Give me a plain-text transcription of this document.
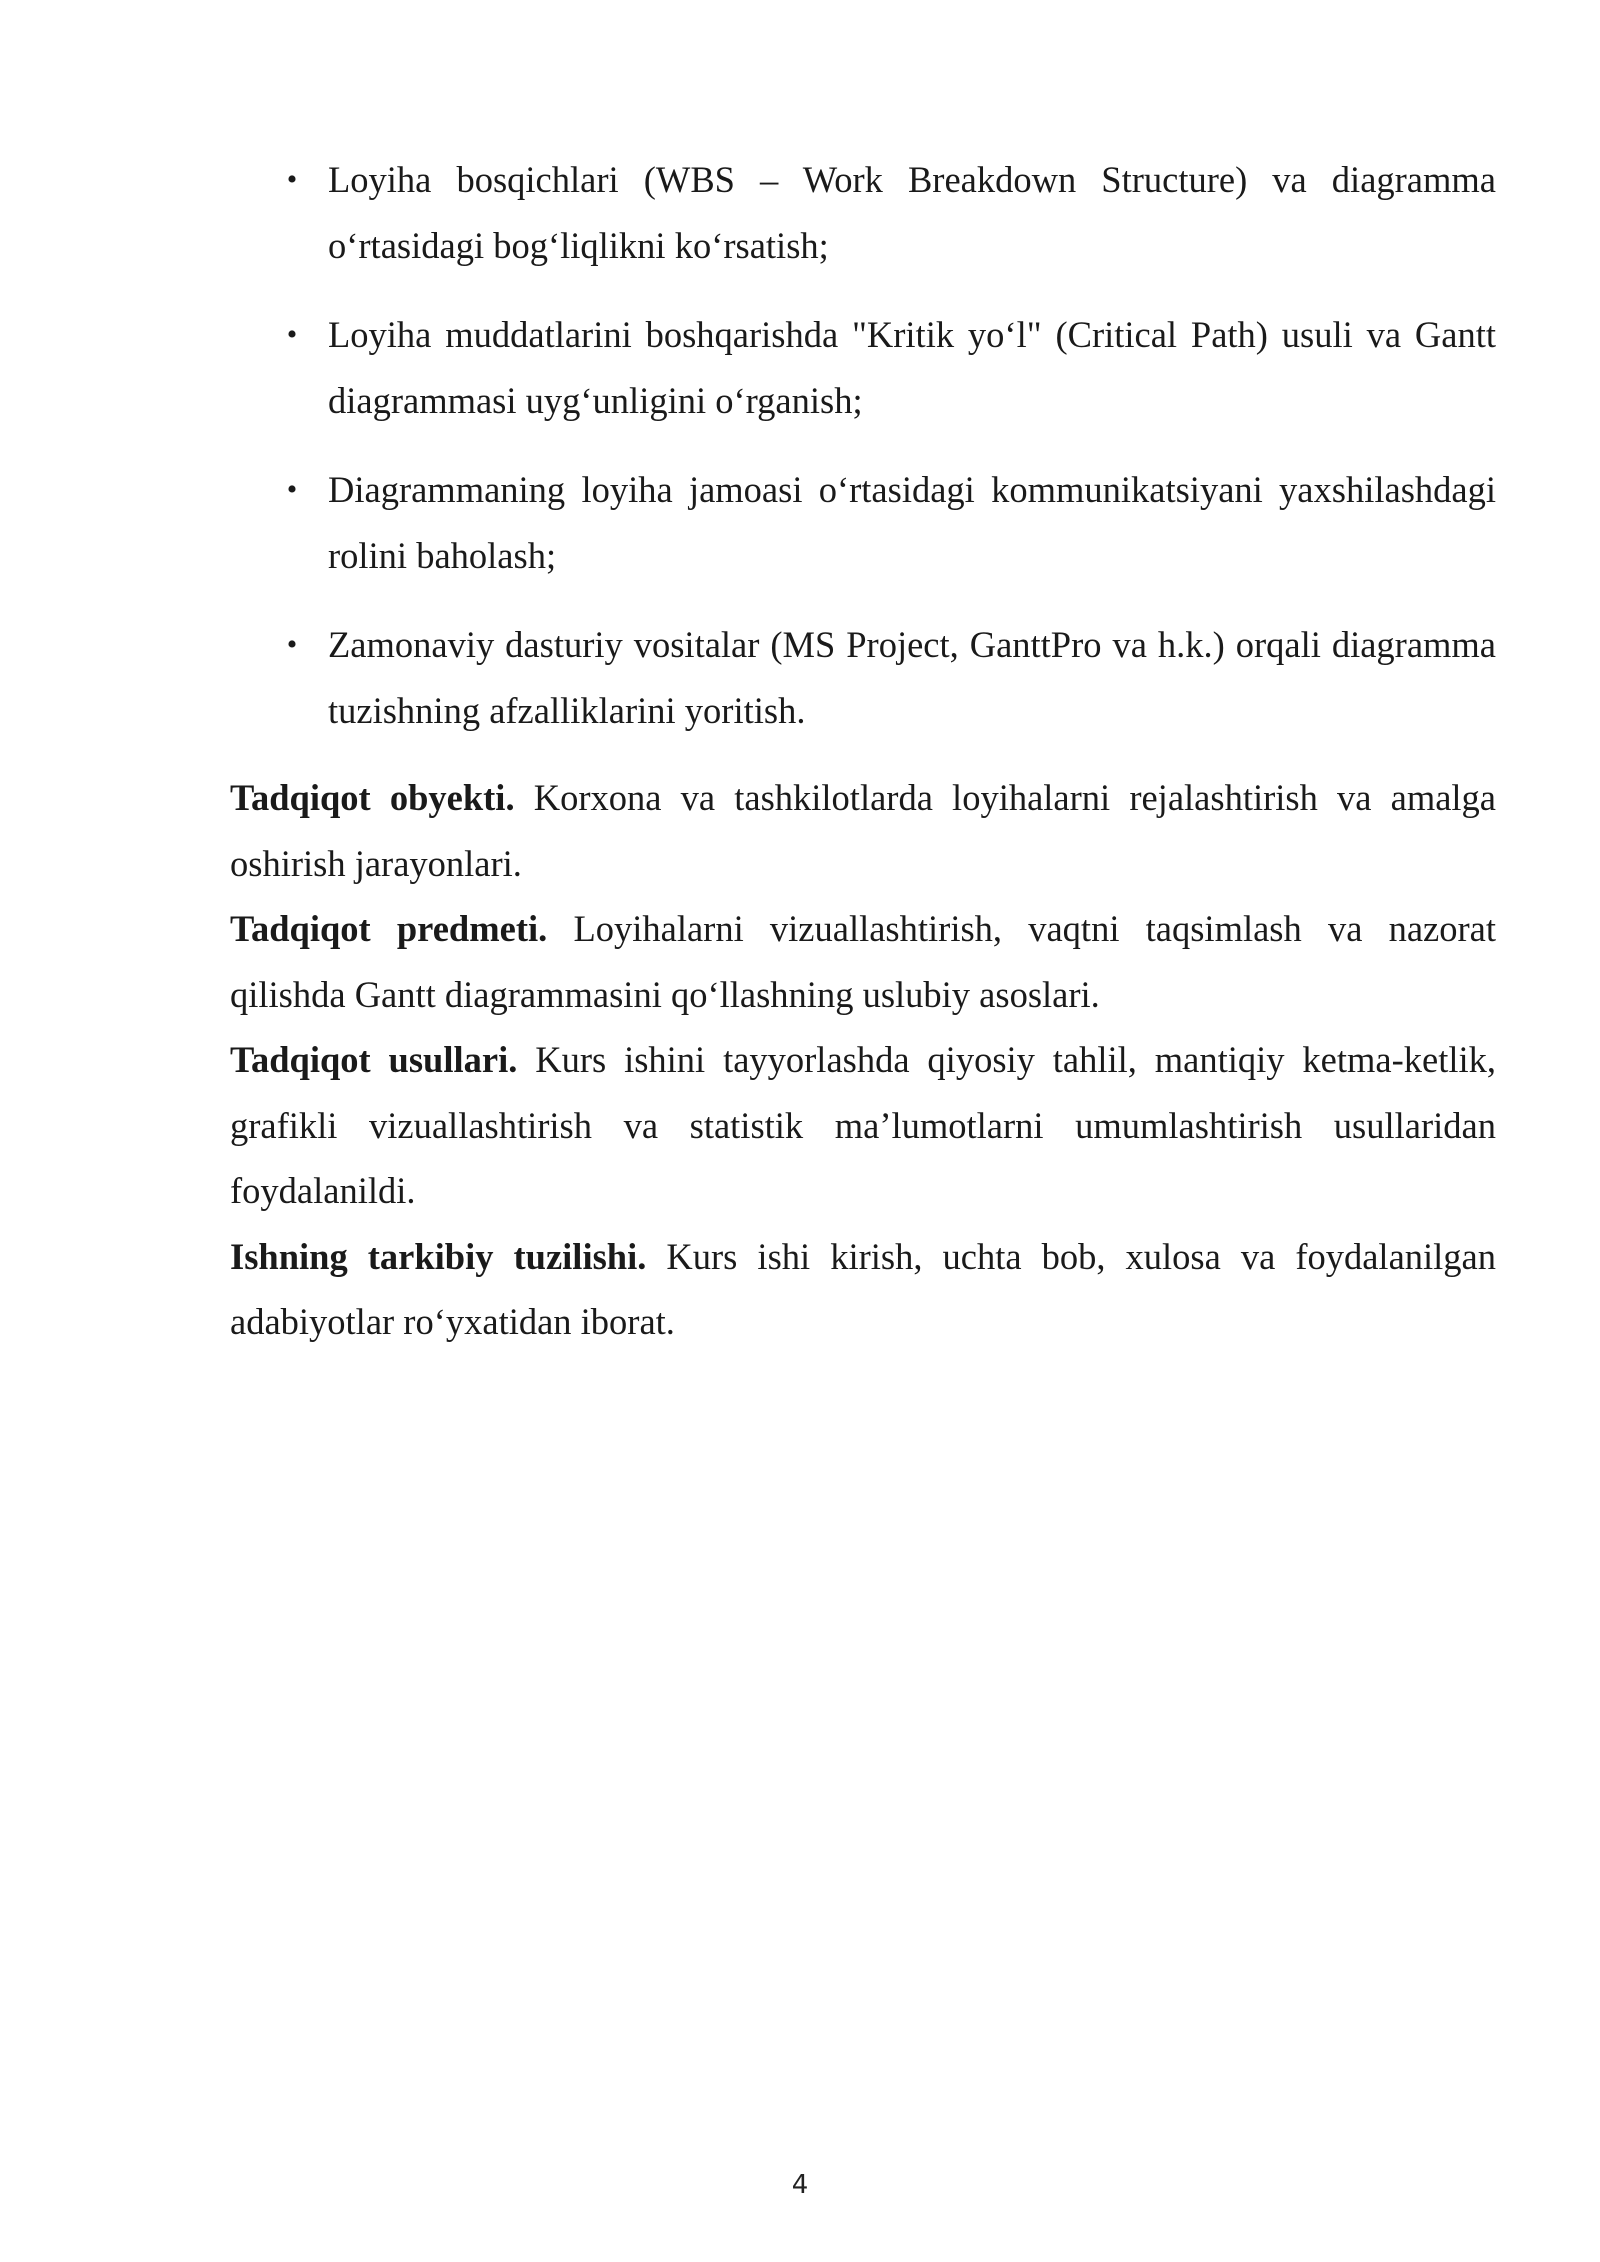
• Loyiha bosqichlari (WBS – Work Breakdown Structure) va diagramma o‘rtasidagi bog‘liqlikni ko‘rsatish;
• Loyiha muddatlarini boshqarishda "Kritik yo‘l" (Critical Path) usuli va Gantt diagrammasi uyg‘unligini o‘rganish;
• Diagrammaning loyiha jamoasi o‘rtasidagi kommunikatsiyani yaxshilashdagi rolini baholash;
• Zamonaviy dasturiy vositalar (MS Project, GanttPro va h.k.) orqali diagramma tuzishning afzalliklarini yoritish.

Tadqiqot obyekti. Korxona va tashkilotlarda loyihalarni rejalashtirish va amalga oshirish jarayonlari.

Tadqiqot predmeti. Loyihalarni vizuallashtirish, vaqtni taqsimlash va nazorat qilishda Gantt diagrammasini qo‘llashning uslubiy asoslari.

Tadqiqot usullari. Kurs ishini tayyorlashda qiyosiy tahlil, mantiqiy ketma-ketlik, grafikli vizuallashtirish va statistik ma’lumotlarni umumlashtirish usullaridan foydalanildi.

Ishning tarkibiy tuzilishi. Kurs ishi kirish, uchta bob, xulosa va foydalanilgan adabiyotlar ro‘yxatidan iborat.

4
